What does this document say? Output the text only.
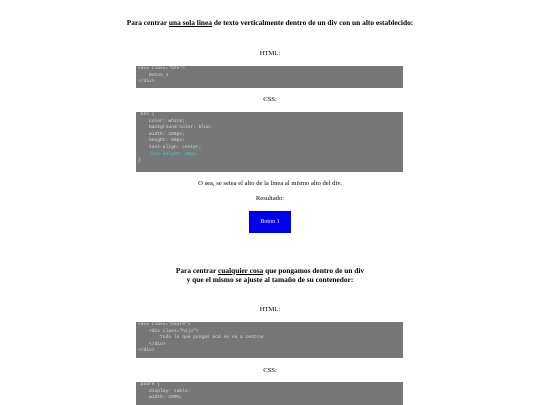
Para centrar una sola linea de texto verticalmente dentro de un div con un alto establecido:
HTML:
<div class="btn">
Boton 1
</div>
CSS:
.btn {
color: white;
background-color: blue;
width: 100px;
height: 50px;
text-align: center;
line-height: 50px;
}
O sea, se setea el alto de la linea al mismo alto del div.
Resultado:
Boton 1
Para centrar cualquier cosa que pongamos dentro de un div
y que el mismo se ajuste al tamaño de su contenedor:
HTML:
<div class="padre">
<div class="hijo">
Todo lo que pongas acá se va a centrar
</div>
</div>
CSS:
.padre {
display: table;
width: 100%;
